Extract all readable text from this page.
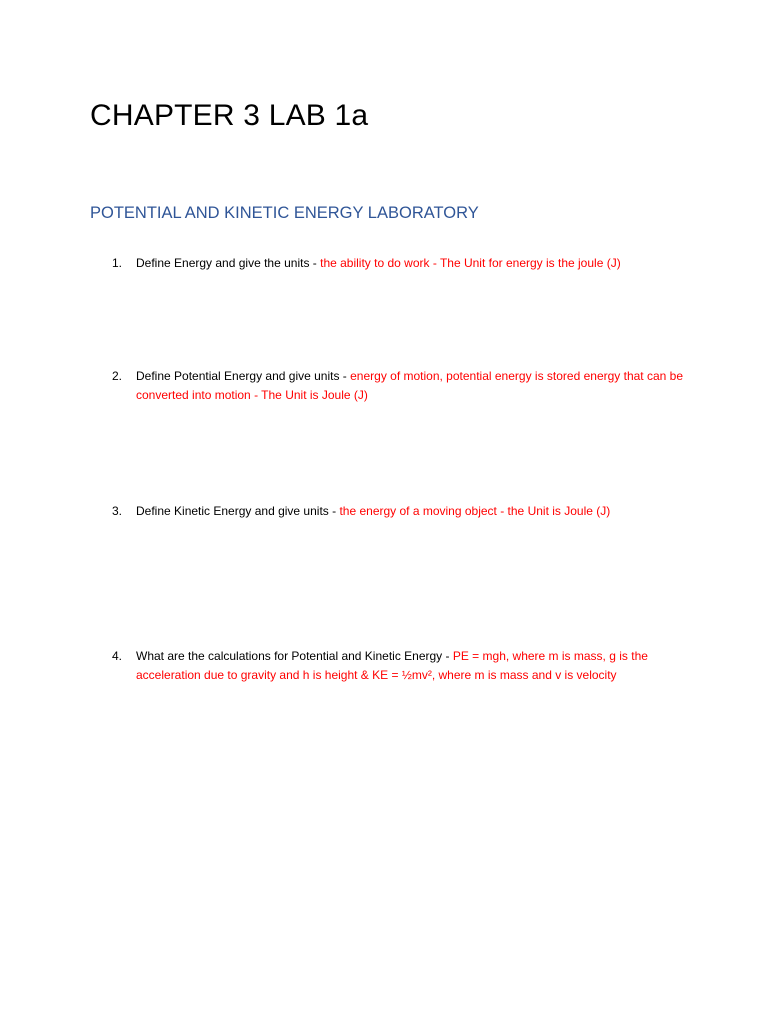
CHAPTER 3 LAB 1a
POTENTIAL AND KINETIC ENERGY LABORATORY
1.	Define Energy and give the units - the ability to do work - The Unit for energy is the joule (J)
2.	Define Potential Energy and give units - energy of motion, potential energy is stored energy that can be converted into motion - The Unit is Joule (J)
3.	Define Kinetic Energy and give units - the energy of a moving object - the Unit is Joule (J)
4.	What are the calculations for Potential and Kinetic Energy - PE = mgh, where m is mass, g is the acceleration due to gravity and h is height & KE = ½mv², where m is mass and v is velocity
